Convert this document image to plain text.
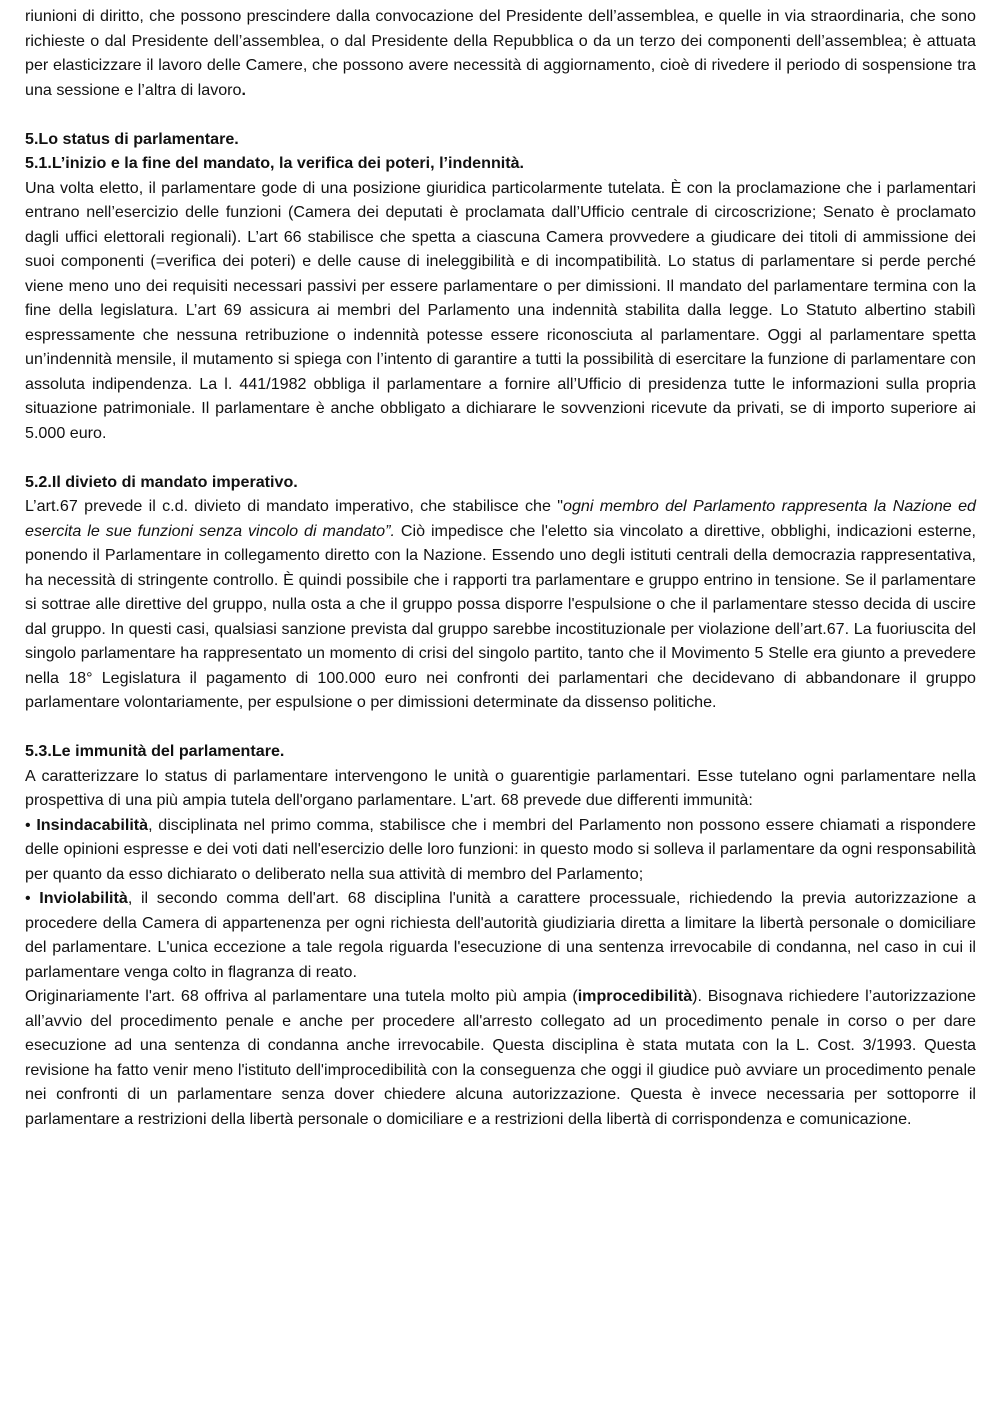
riunioni di diritto, che possono prescindere dalla convocazione del Presidente dell’assemblea, e quelle in via straordinaria, che sono richieste o dal Presidente dell’assemblea, o dal Presidente della Repubblica o da un terzo dei componenti dell’assemblea; è attuata per elasticizzare il lavoro delle Camere, che possono avere necessità di aggiornamento, cioè di rivedere il periodo di sospensione tra una sessione e l’altra di lavoro.

5.Lo status di parlamentare.

5.1.L’inizio e la fine del mandato, la verifica dei poteri, l’indennità.

Una volta eletto, il parlamentare gode di una posizione giuridica particolarmente tutelata. È con la proclamazione che i parlamentari entrano nell’esercizio delle funzioni (Camera dei deputati è proclamata dall’Ufficio centrale di circoscrizione; Senato è proclamato dagli uffici elettorali regionali). L’art 66 stabilisce che spetta a ciascuna Camera provvedere a giudicare dei titoli di ammissione dei suoi componenti (=verifica dei poteri) e delle cause di ineleggibilità e di incompatibilità. Lo status di parlamentare si perde perché viene meno uno dei requisiti necessari passivi per essere parlamentare o per dimissioni. Il mandato del parlamentare termina con la fine della legislatura. L’art 69 assicura ai membri del Parlamento una indennità stabilita dalla legge. Lo Statuto albertino stabilì espressamente che nessuna retribuzione o indennità potesse essere riconosciuta al parlamentare. Oggi al parlamentare spetta un’indennità mensile, il mutamento si spiega con l’intento di garantire a tutti la possibilità di esercitare la funzione di parlamentare con assoluta indipendenza. La l. 441/1982 obbliga il parlamentare a fornire all’Ufficio di presidenza tutte le informazioni sulla propria situazione patrimoniale. Il parlamentare è anche obbligato a dichiarare le sovvenzioni ricevute da privati, se di importo superiore ai 5.000 euro.

5.2.Il divieto di mandato imperativo.

L’art.67 prevede il c.d. divieto di mandato imperativo, che stabilisce che "ogni membro del Parlamento rappresenta la Nazione ed esercita le sue funzioni senza vincolo di mandato”. Ciò impedisce che l'eletto sia vincolato a direttive, obblighi, indicazioni esterne, ponendo il Parlamentare in collegamento diretto con la Nazione. Essendo uno degli istituti centrali della democrazia rappresentativa, ha necessità di stringente controllo. È quindi possibile che i rapporti tra parlamentare e gruppo entrino in tensione. Se il parlamentare si sottrae alle direttive del gruppo, nulla osta a che il gruppo possa disporre l'espulsione o che il parlamentare stesso decida di uscire dal gruppo. In questi casi, qualsiasi sanzione prevista dal gruppo sarebbe incostituzionale per violazione dell’art.67. La fuoriuscita del singolo parlamentare ha rappresentato un momento di crisi del singolo partito, tanto che il Movimento 5 Stelle era giunto a prevedere nella 18° Legislatura il pagamento di 100.000 euro nei confronti dei parlamentari che decidevano di abbandonare il gruppo parlamentare volontariamente, per espulsione o per dimissioni determinate da dissenso politiche.

5.3.Le immunità del parlamentare.

A caratterizzare lo status di parlamentare intervengono le unità o guarentigie parlamentari. Esse tutelano ogni parlamentare nella prospettiva di una più ampia tutela dell'organo parlamentare. L'art. 68 prevede due differenti immunità:

• Insindacabilità, disciplinata nel primo comma, stabilisce che i membri del Parlamento non possono essere chiamati a rispondere delle opinioni espresse e dei voti dati nell'esercizio delle loro funzioni: in questo modo si solleva il parlamentare da ogni responsabilità per quanto da esso dichiarato o deliberato nella sua attività di membro del Parlamento;

• Inviolabilità, il secondo comma dell'art. 68 disciplina l'unità a carattere processuale, richiedendo la previa autorizzazione a procedere della Camera di appartenenza per ogni richiesta dell'autorità giudiziaria diretta a limitare la libertà personale o domiciliare del parlamentare. L'unica eccezione a tale regola riguarda l'esecuzione di una sentenza irrevocabile di condanna, nel caso in cui il parlamentare venga colto in flagranza di reato.

Originariamente l'art. 68 offriva al parlamentare una tutela molto più ampia (improcedibilità). Bisognava richiedere l’autorizzazione all’avvio del procedimento penale e anche per procedere all'arresto collegato ad un procedimento penale in corso o per dare esecuzione ad una sentenza di condanna anche irrevocabile. Questa disciplina è stata mutata con la L. Cost. 3/1993. Questa revisione ha fatto venir meno l'istituto dell'improcedibilità con la conseguenza che oggi il giudice può avviare un procedimento penale nei confronti di un parlamentare senza dover chiedere alcuna autorizzazione. Questa è invece necessaria per sottoporre il parlamentare a restrizioni della libertà personale o domiciliare e a restrizioni della libertà di corrispondenza e comunicazione.
